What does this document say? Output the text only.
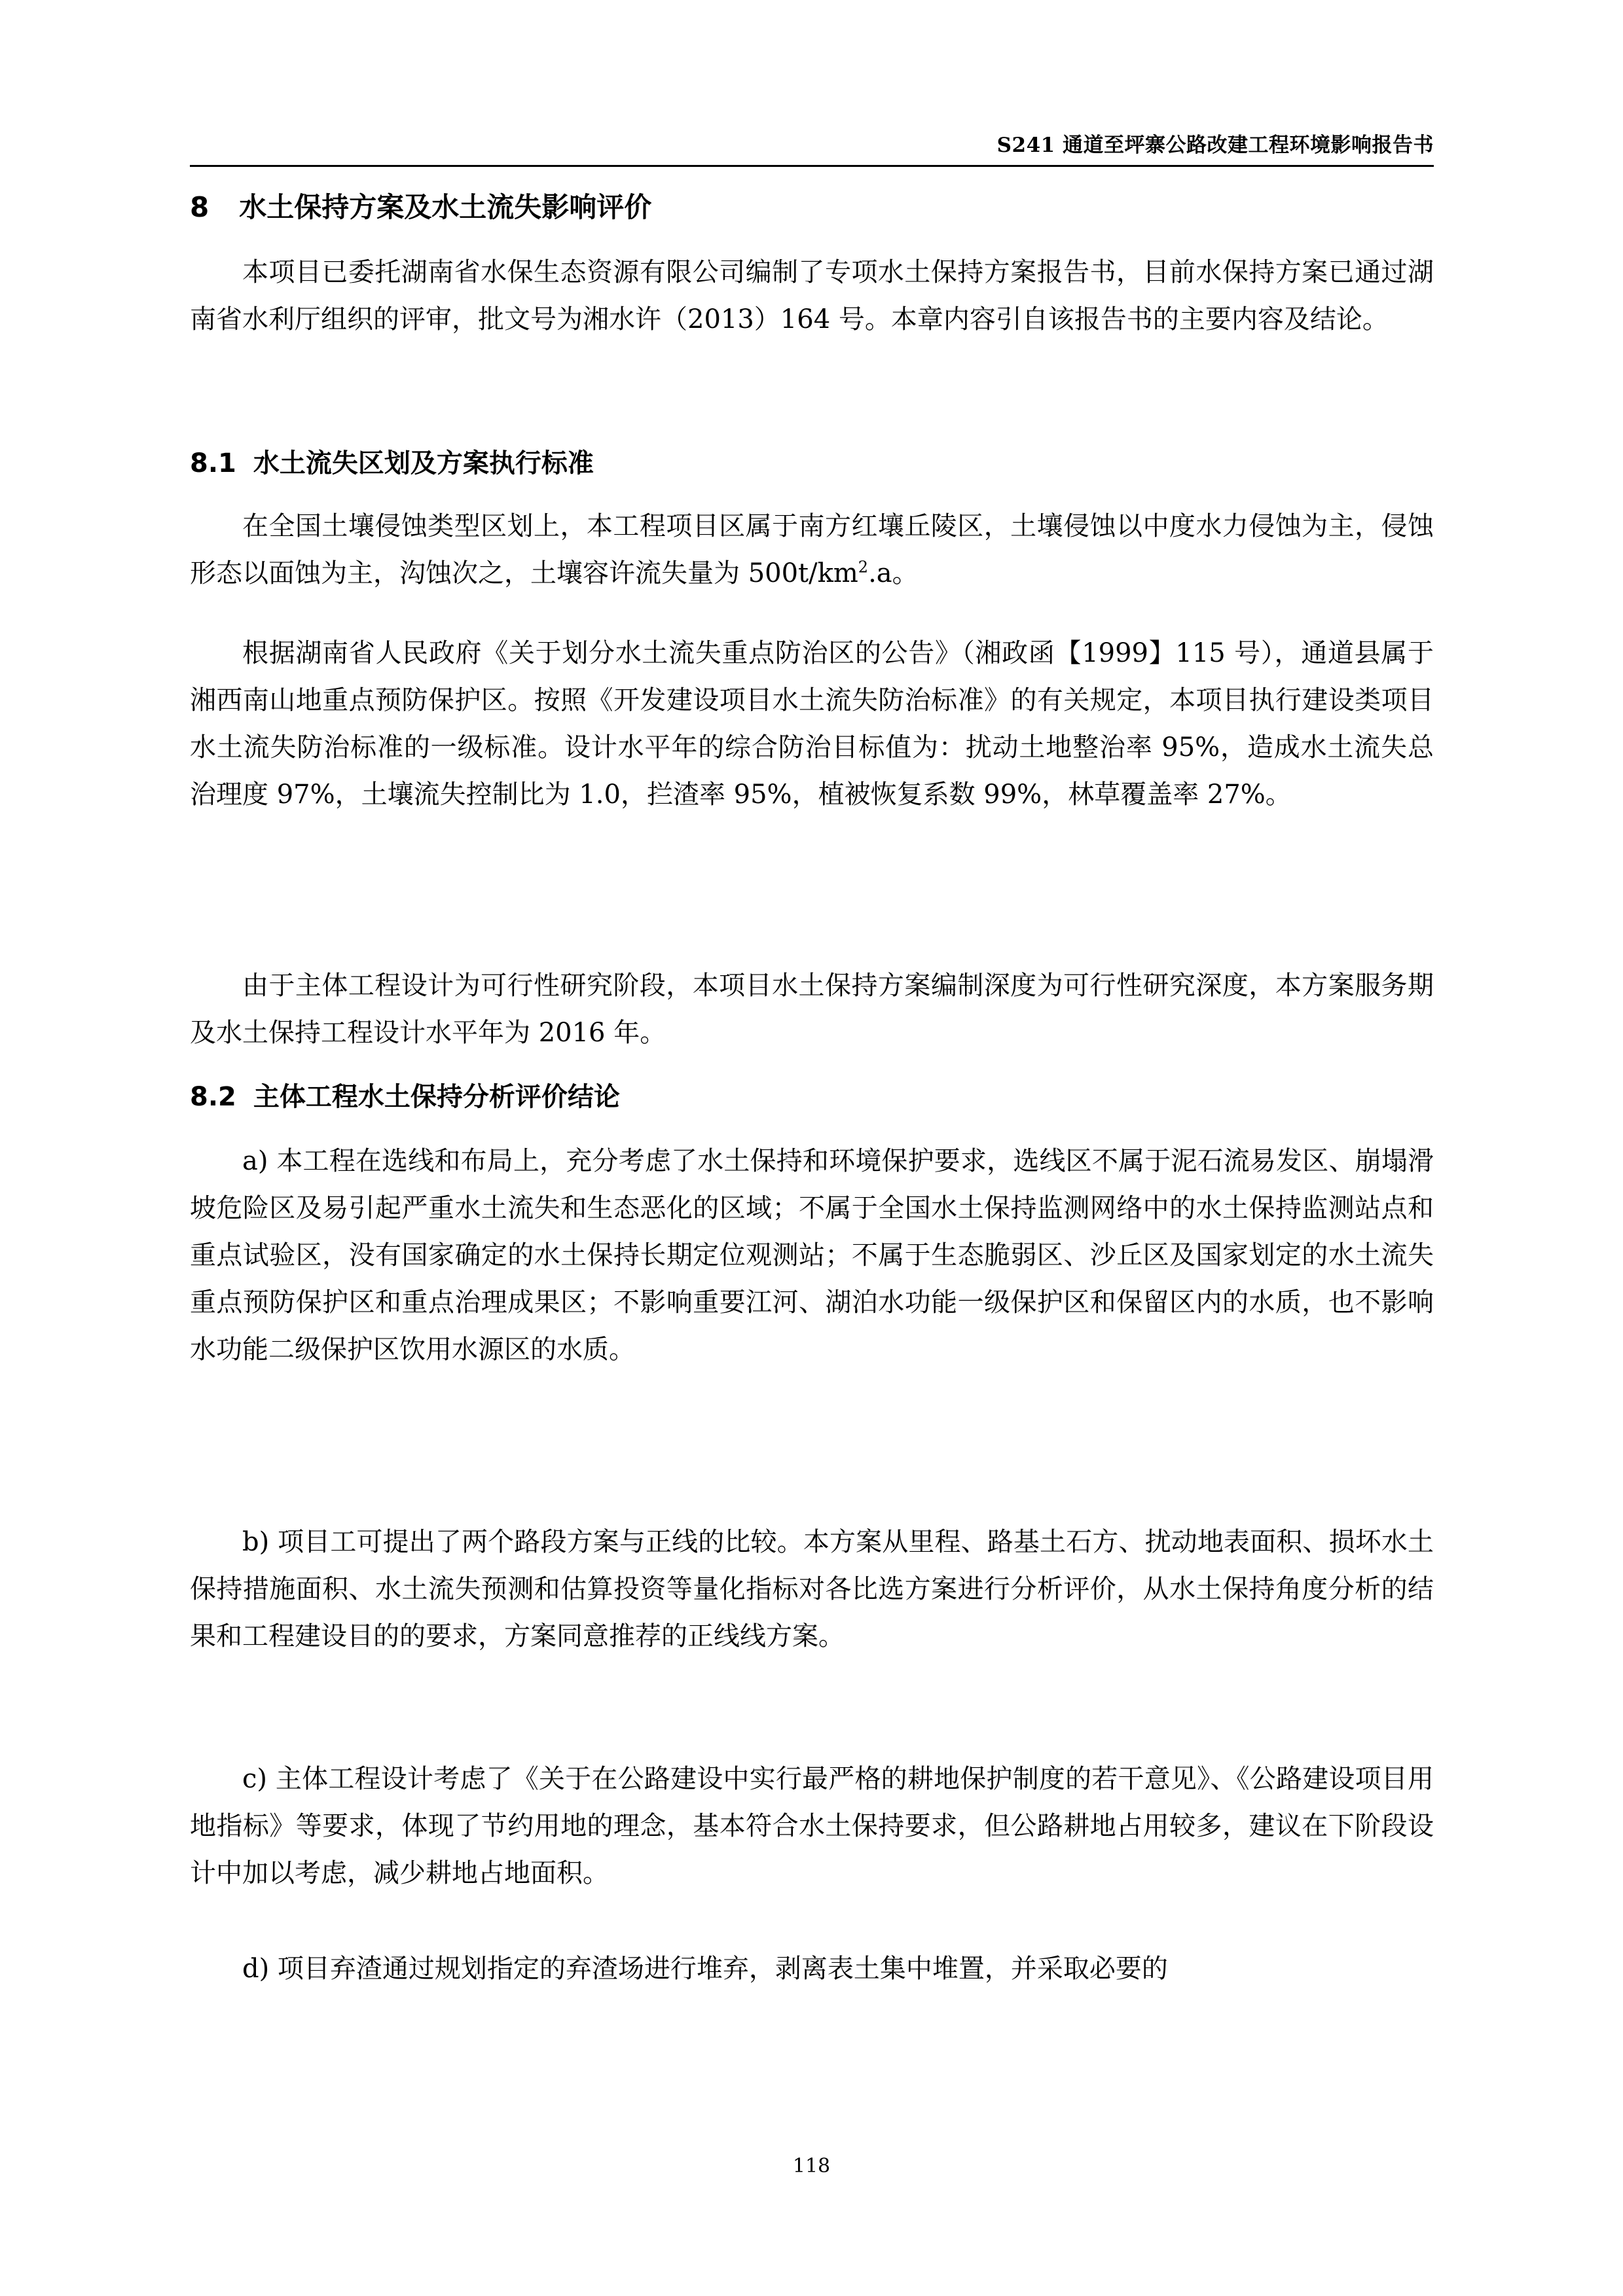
S241 通道至坪寨公路改建工程环境影响报告书
8 水土保持方案及水土流失影响评价

本项目已委托湖南省水保生态资源有限公司编制了专项水土保持方案报告书，目前水保持方案已通过湖南省水利厅组织的评审，批文号为湘水许（2013）164 号。本章内容引自该报告书的主要内容及结论。

8.1 水土流失区划及方案执行标准

在全国土壤侵蚀类型区划上，本工程项目区属于南方红壤丘陵区，土壤侵蚀以中度水力侵蚀为主，侵蚀形态以面蚀为主，沟蚀次之，土壤容许流失量为 $500t/km^2.a$。

根据湖南省人民政府《关于划分水土流失重点防治区的公告》（湘政函【1999】115 号），通道县属于湘西南山地重点预防保护区。按照《开发建设项目水土流失防治标准》的有关规定，本项目执行建设类项目水土流失防治标准的一级标准。设计水平年的综合防治目标值为：扰动土地整治率 95%，造成水土流失总治理度 97%，土壤流失控制比为 1.0，拦渣率 95%，植被恢复系数 99%，林草覆盖率 27%。

由于主体工程设计为可行性研究阶段，本项目水土保持方案编制深度为可行性研究深度，本方案服务期及水土保持工程设计水平年为 2016 年。

8.2 主体工程水土保持分析评价结论

a) 本工程在选线和布局上，充分考虑了水土保持和环境保护要求，选线区不属于泥石流易发区、崩塌滑坡危险区及易引起严重水土流失和生态恶化的区域；不属于全国水土保持监测网络中的水土保持监测站点和重点试验区，没有国家确定的水土保持长期定位观测站；不属于生态脆弱区、沙丘区及国家划定的水土流失重点预防保护区和重点治理成果区；不影响重要江河、湖泊水功能一级保护区和保留区内的水质，也不影响水功能二级保护区饮用水源区的水质。

b) 项目工可提出了两个路段方案与正线的比较。本方案从里程、路基土石方、扰动地表面积、损坏水土保持措施面积、水土流失预测和估算投资等量化指标对各比选方案进行分析评价，从水土保持角度分析的结果和工程建设目的的要求，方案同意推荐的正线线方案。

c) 主体工程设计考虑了《关于在公路建设中实行最严格的耕地保护制度的若干意见》、《公路建设项目用地指标》等要求，体现了节约用地的理念，基本符合水土保持要求，但公路耕地占用较多，建议在下阶段设计中加以考虑，减少耕地占地面积。

d) 项目弃渣通过规划指定的弃渣场进行堆弃，剥离表土集中堆置，并采取必要的

118
